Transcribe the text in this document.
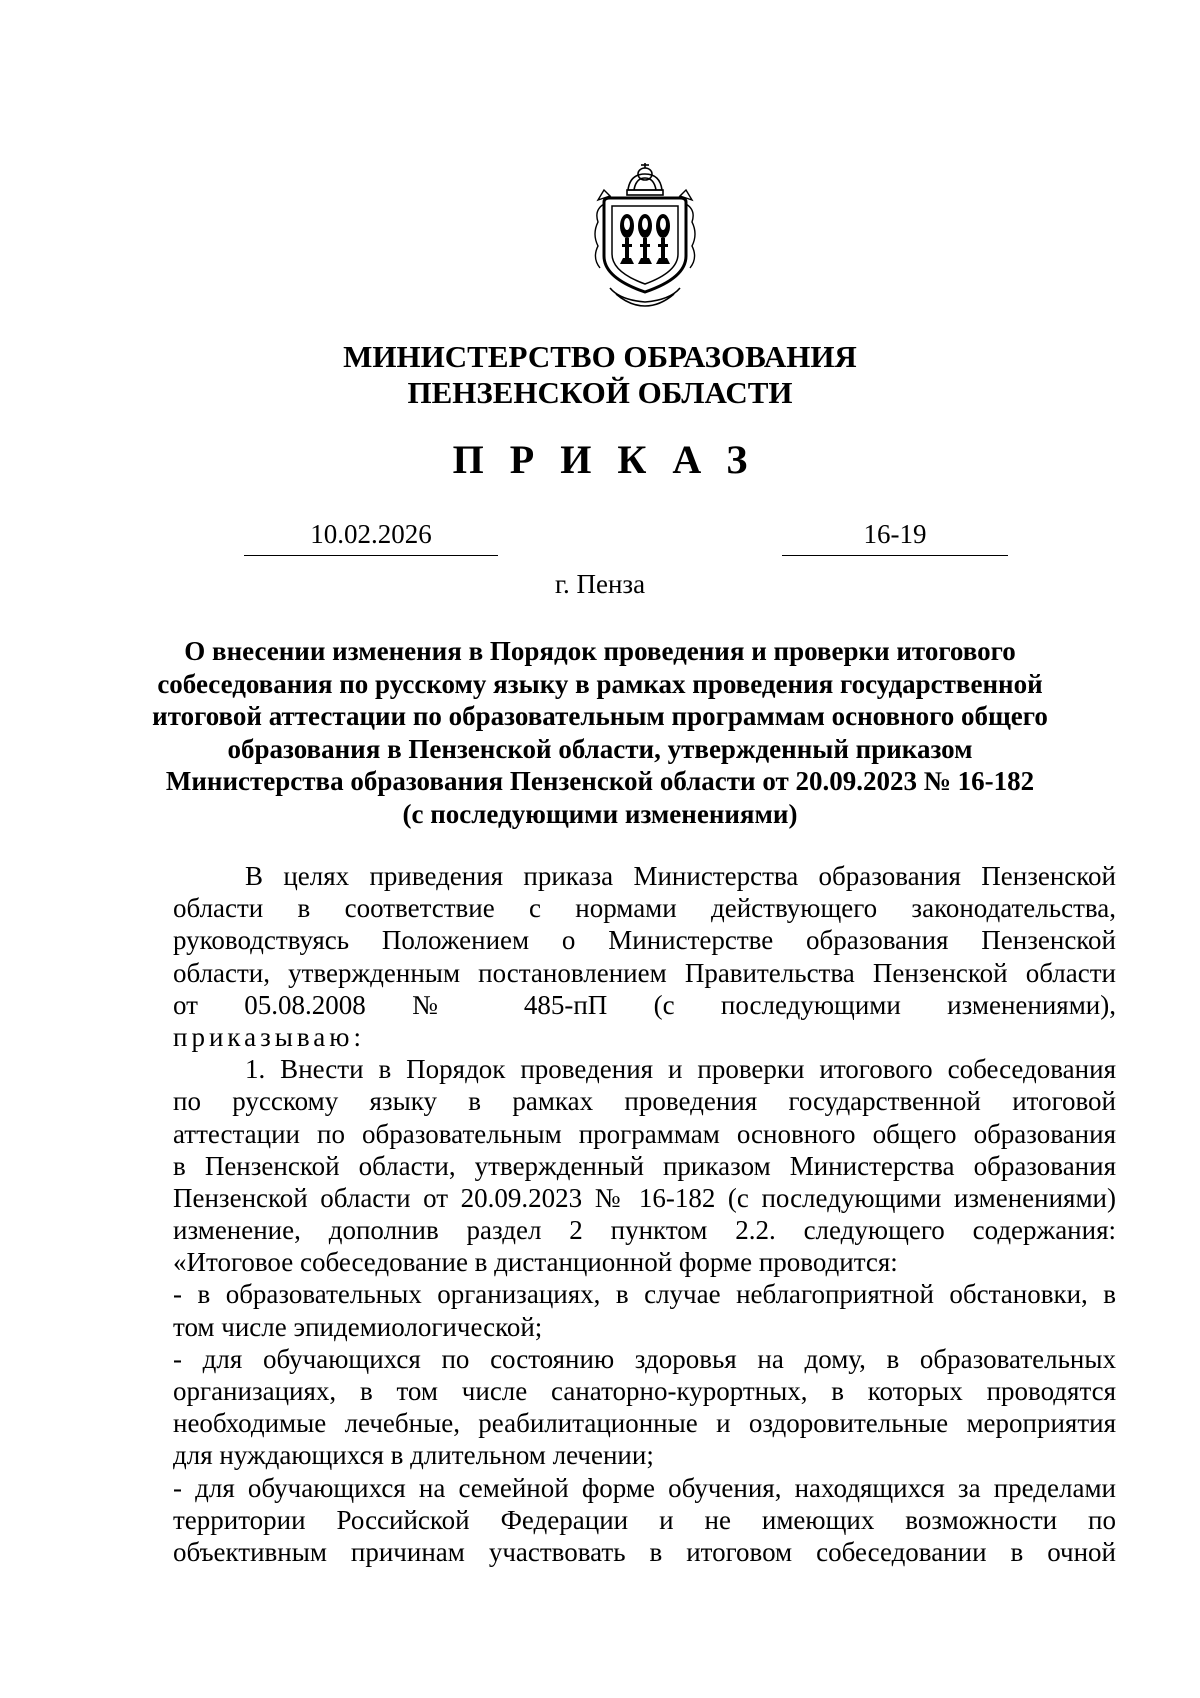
МИНИСТЕРСТВО ОБРАЗОВАНИЯ
ПЕНЗЕНСКОЙ ОБЛАСТИ
ПРИКАЗ
10.02.2026	16-19
г. Пенза
О внесении изменения в Порядок проведения и проверки итогового
собеседования по русскому языку в рамках проведения государственной
итоговой аттестации по образовательным программам основного общего
образования в Пензенской области, утвержденный приказом
Министерства образования Пензенской области от 20.09.2023 № 16-182
(с последующими изменениями)
В целях приведения приказа Министерства образования Пензенской
области в соответствие с нормами действующего законодательства,
руководствуясь Положением о Министерстве образования Пензенской
области, утвержденным постановлением Правительства Пензенской области
от 05.08.2008 № 485-пП (с последующими изменениями),
приказываю:
1. Внести в Порядок проведения и проверки итогового собеседования
по русскому языку в рамках проведения государственной итоговой
аттестации по образовательным программам основного общего образования
в Пензенской области, утвержденный приказом Министерства образования
Пензенской области от 20.09.2023 № 16-182 (с последующими изменениями)
изменение, дополнив раздел 2 пунктом 2.2. следующего содержания:
«Итоговое собеседование в дистанционной форме проводится:
- в образовательных организациях, в случае неблагоприятной обстановки, в
том числе эпидемиологической;
- для обучающихся по состоянию здоровья на дому, в образовательных
организациях, в том числе санаторно-курортных, в которых проводятся
необходимые лечебные, реабилитационные и оздоровительные мероприятия
для нуждающихся в длительном лечении;
- для обучающихся на семейной форме обучения, находящихся за пределами
территории Российской Федерации и не имеющих возможности по
объективным причинам участвовать в итоговом собеседовании в очной
